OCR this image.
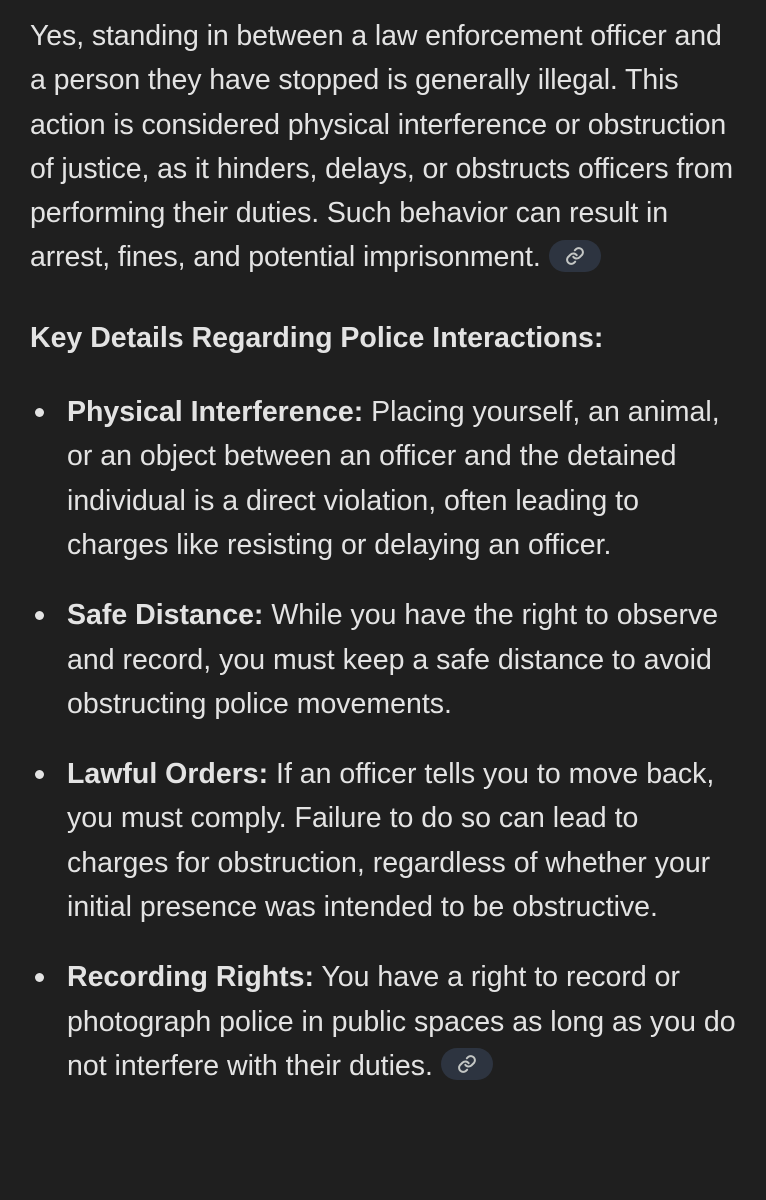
Yes, standing in between a law enforcement officer and a person they have stopped is generally illegal. This action is considered physical interference or obstruction of justice, as it hinders, delays, or obstructs officers from performing their duties. Such behavior can result in arrest, fines, and potential imprisonment.

Key Details Regarding Police Interactions:
Physical Interference: Placing yourself, an animal, or an object between an officer and the detained individual is a direct violation, often leading to charges like resisting or delaying an officer.
Safe Distance: While you have the right to observe and record, you must keep a safe distance to avoid obstructing police movements.
Lawful Orders: If an officer tells you to move back, you must comply. Failure to do so can lead to charges for obstruction, regardless of whether your initial presence was intended to be obstructive.
Recording Rights: You have a right to record or photograph police in public spaces as long as you do not interfere with their duties.
